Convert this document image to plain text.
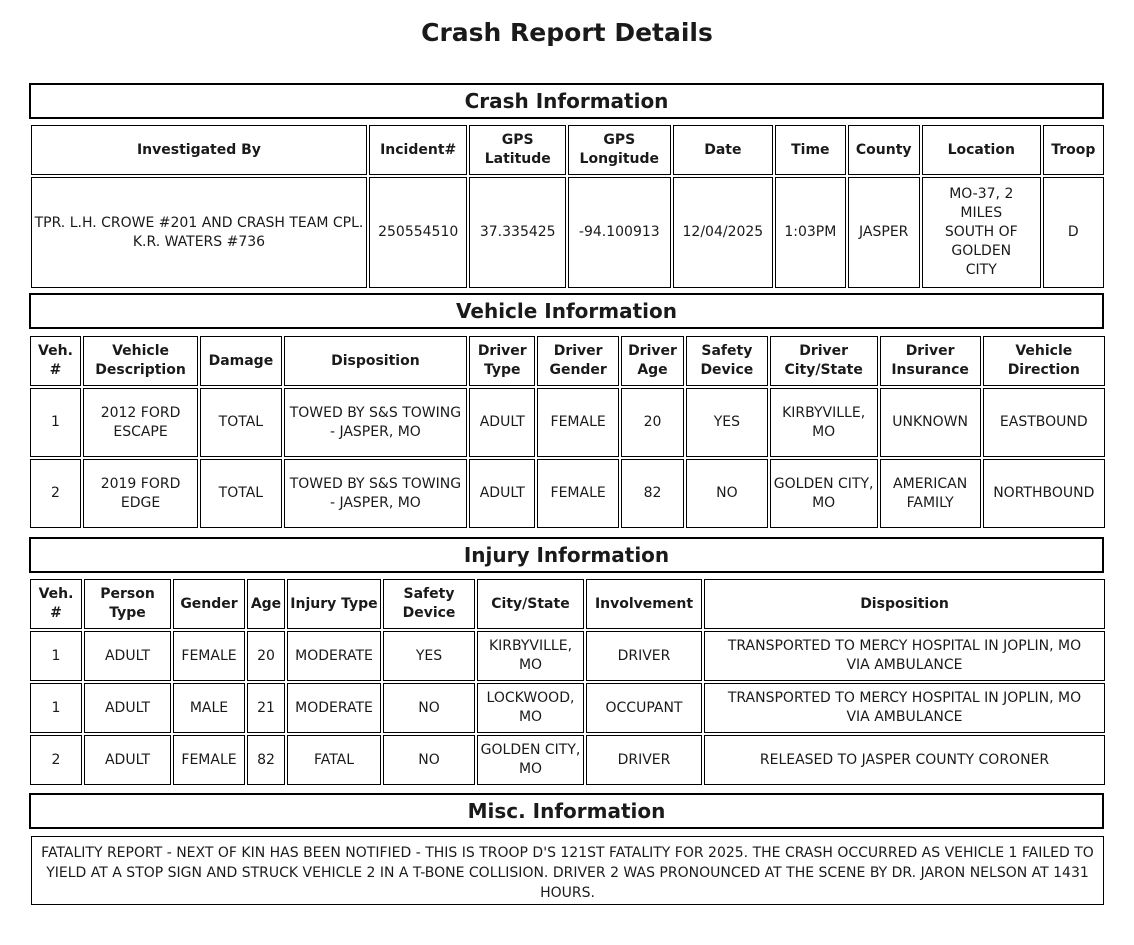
Crash Report Details
Crash Information
Investigated By	Incident#	GPS Latitude	GPS Longitude	Date	Time	County	Location	Troop
TPR. L.H. CROWE #201 AND CRASH TEAM CPL. K.R. WATERS #736	250554510	37.335425	-94.100913	12/04/2025	1:03PM	JASPER	MO-37, 2 MILES SOUTH OF GOLDEN CITY	D
Vehicle Information
Veh. #	Vehicle Description	Damage	Disposition	Driver Type	Driver Gender	Driver Age	Safety Device	Driver City/State	Driver Insurance	Vehicle Direction
1	2012 FORD ESCAPE	TOTAL	TOWED BY S&S TOWING - JASPER, MO	ADULT	FEMALE	20	YES	KIRBYVILLE, MO	UNKNOWN	EASTBOUND
2	2019 FORD EDGE	TOTAL	TOWED BY S&S TOWING - JASPER, MO	ADULT	FEMALE	82	NO	GOLDEN CITY, MO	AMERICAN FAMILY	NORTHBOUND
Injury Information
Veh. #	Person Type	Gender	Age	Injury Type	Safety Device	City/State	Involvement	Disposition
1	ADULT	FEMALE	20	MODERATE	YES	KIRBYVILLE, MO	DRIVER	TRANSPORTED TO MERCY HOSPITAL IN JOPLIN, MO VIA AMBULANCE
1	ADULT	MALE	21	MODERATE	NO	LOCKWOOD, MO	OCCUPANT	TRANSPORTED TO MERCY HOSPITAL IN JOPLIN, MO VIA AMBULANCE
2	ADULT	FEMALE	82	FATAL	NO	GOLDEN CITY, MO	DRIVER	RELEASED TO JASPER COUNTY CORONER
Misc. Information
FATALITY REPORT - NEXT OF KIN HAS BEEN NOTIFIED - THIS IS TROOP D'S 121ST FATALITY FOR 2025. THE CRASH OCCURRED AS VEHICLE 1 FAILED TO YIELD AT A STOP SIGN AND STRUCK VEHICLE 2 IN A T-BONE COLLISION. DRIVER 2 WAS PRONOUNCED AT THE SCENE BY DR. JARON NELSON AT 1431 HOURS.
